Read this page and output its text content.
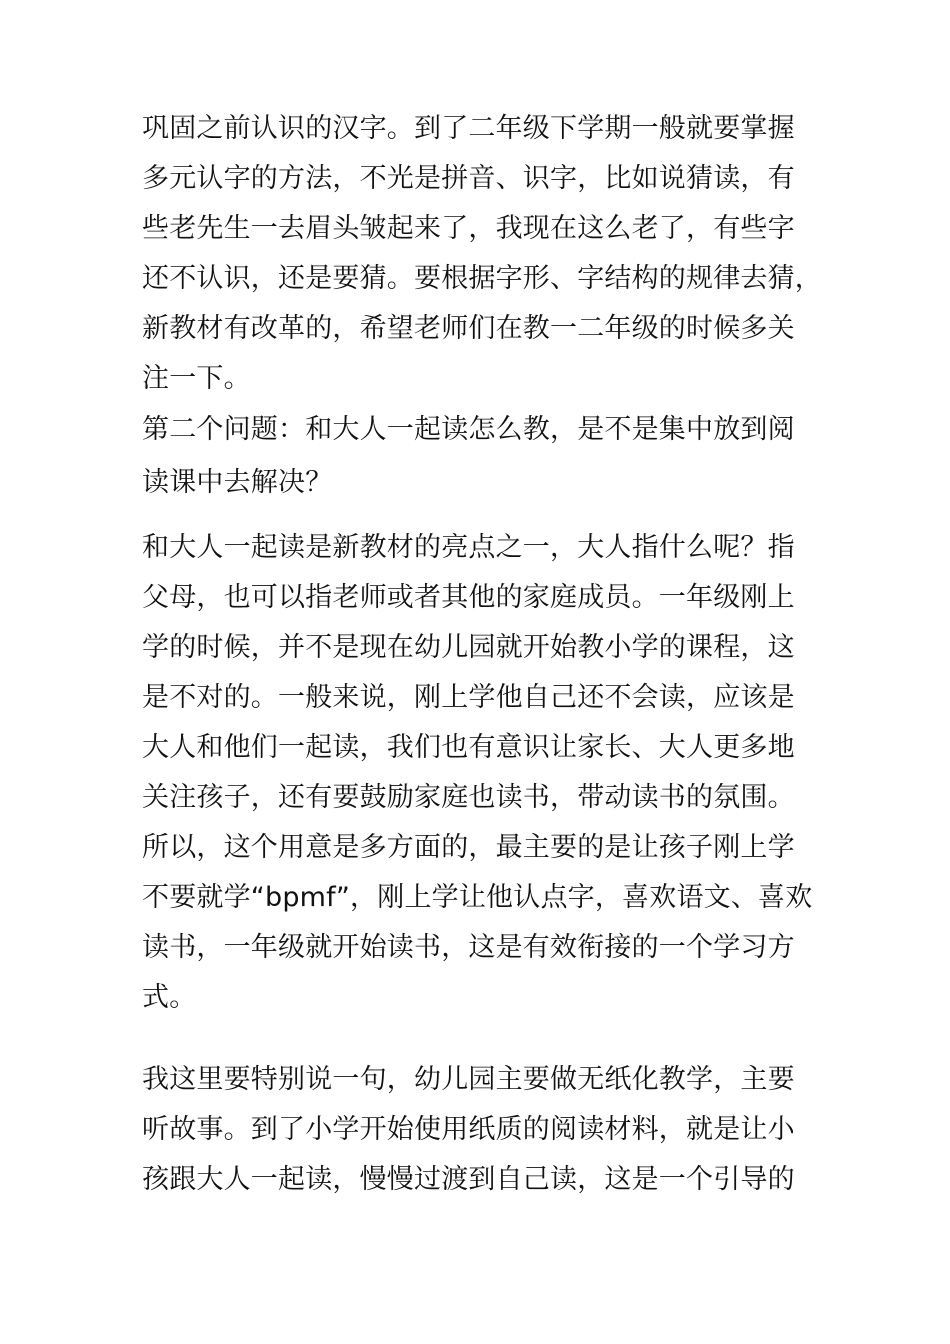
巩固之前认识的汉字。到了二年级下学期一般就要掌握

多元认字的方法，不光是拼音、识字，比如说猜读，有

些老先生一去眉头皱起来了，我现在这么老了，有些字

还不认识，还是要猜。要根据字形、字结构的规律去猜，

新教材有改革的，希望老师们在教一二年级的时候多关

注一下。

第二个问题：和大人一起读怎么教，是不是集中放到阅

读课中去解决？

和大人一起读是新教材的亮点之一，大人指什么呢？指

父母，也可以指老师或者其他的家庭成员。一年级刚上

学的时候，并不是现在幼儿园就开始教小学的课程，这

是不对的。一般来说，刚上学他自己还不会读，应该是

大人和他们一起读，我们也有意识让家长、大人更多地

关注孩子，还有要鼓励家庭也读书，带动读书的氛围。

所以，这个用意是多方面的，最主要的是让孩子刚上学

不要就学“bpmf”，刚上学让他认点字，喜欢语文、喜欢

读书，一年级就开始读书，这是有效衔接的一个学习方

式。

我这里要特别说一句，幼儿园主要做无纸化教学，主要

听故事。到了小学开始使用纸质的阅读材料，就是让小

孩跟大人一起读，慢慢过渡到自己读，这是一个引导的
